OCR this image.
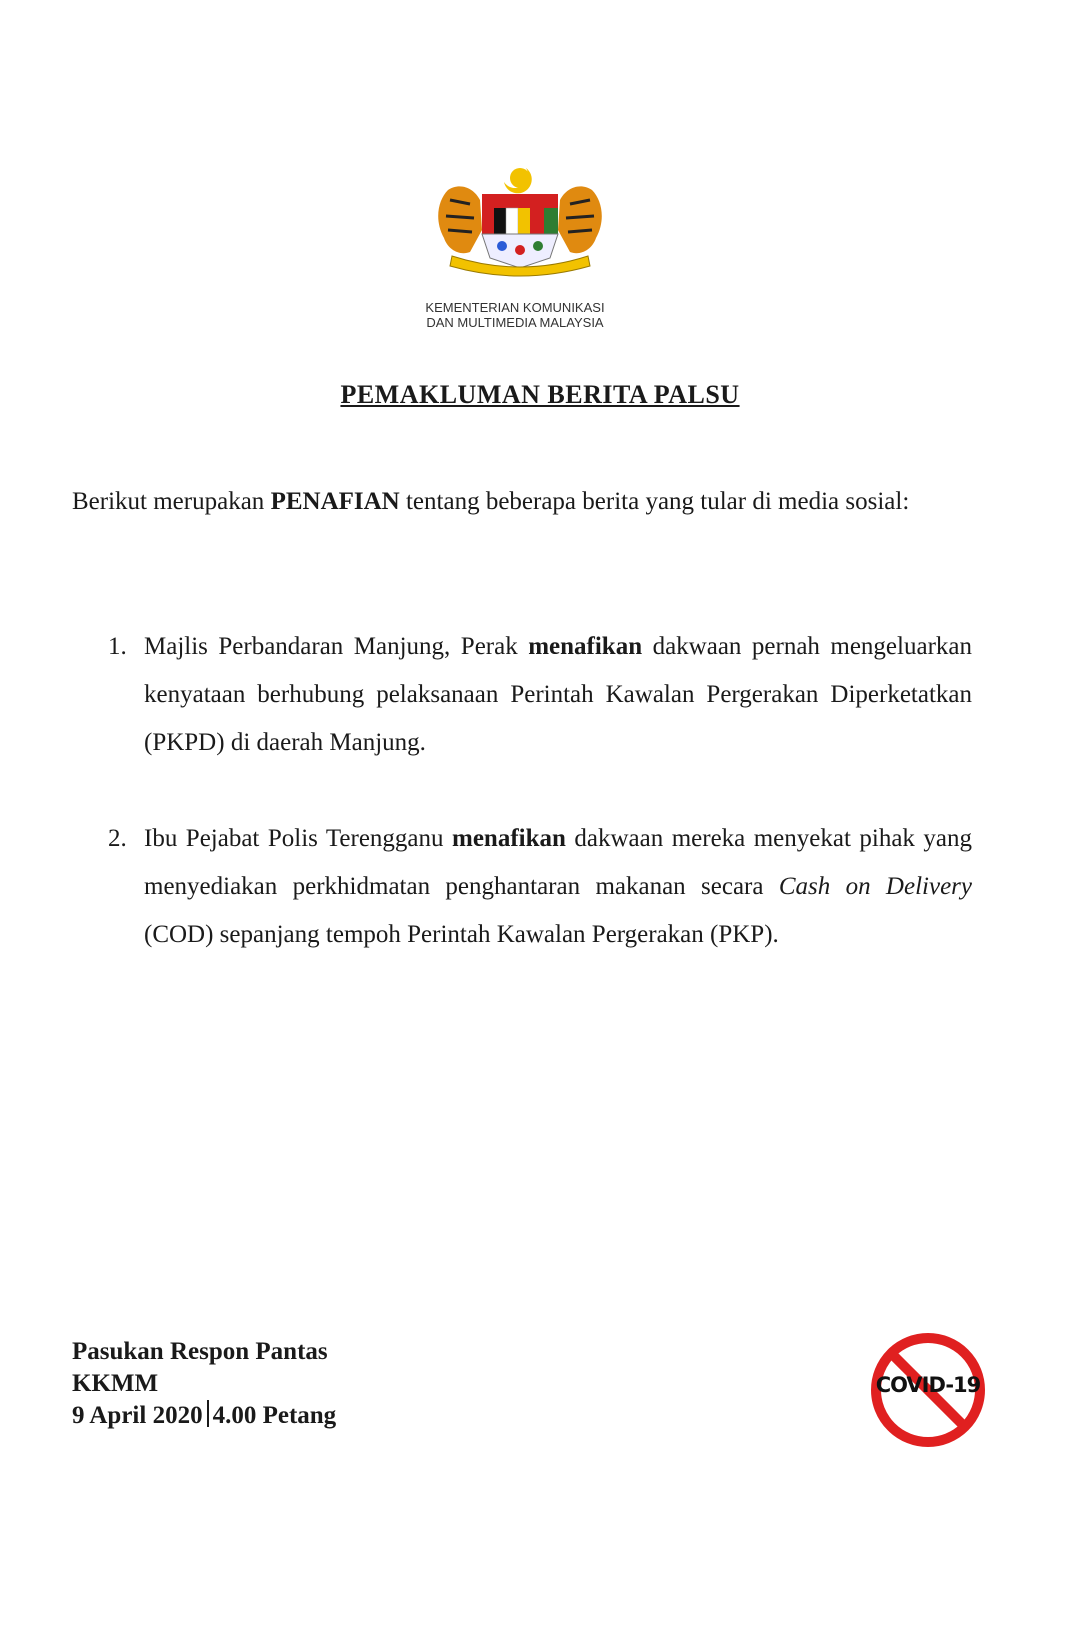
KEMENTERIAN KOMUNIKASI
DAN MULTIMEDIA MALAYSIA
PEMAKLUMAN BERITA PALSU
Berikut merupakan PENAFIAN tentang beberapa berita yang tular di media sosial:
1. Majlis Perbandaran Manjung, Perak menafikan dakwaan pernah mengeluarkan kenyataan berhubung pelaksanaan Perintah Kawalan Pergerakan Diperketatkan (PKPD) di daerah Manjung.
2. Ibu Pejabat Polis Terengganu menafikan dakwaan mereka menyekat pihak yang menyediakan perkhidmatan penghantaran makanan secara Cash on Delivery (COD) sepanjang tempoh Perintah Kawalan Pergerakan (PKP).
Pasukan Respon Pantas
KKMM
9 April 2020 4.00 Petang
COVID-19
